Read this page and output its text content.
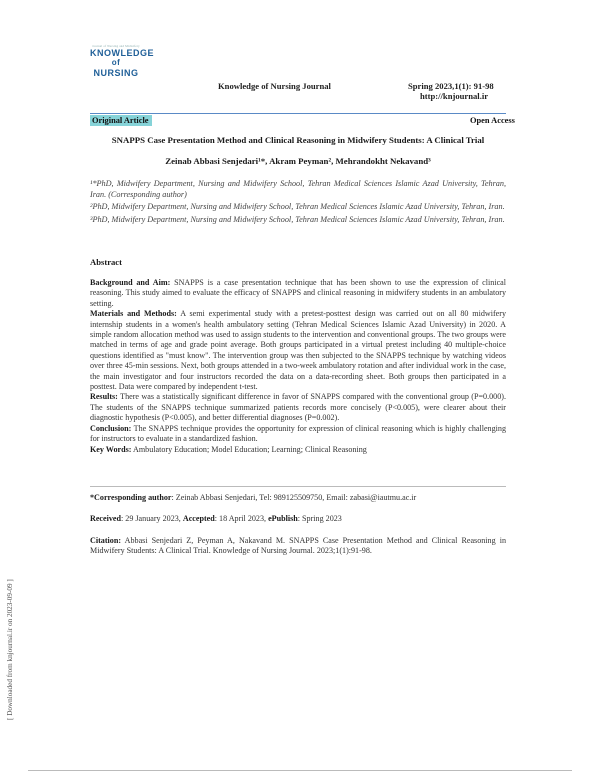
Journal of Nursing and Midwifery
KNOWLEDGE
of
NURSING
Knowledge of Nursing Journal	Spring 2023,1(1): 91-98
http://knjournal.ir
Original Article	Open Access
SNAPPS Case Presentation Method and Clinical Reasoning in Midwifery Students: A Clinical Trial
Zeinab Abbasi Senjedari¹*, Akram Peyman², Mehrandokht Nekavand³

¹*PhD, Midwifery Department, Nursing and Midwifery School, Tehran Medical Sciences Islamic Azad University, Tehran, Iran. (Corresponding author)

²PhD, Midwifery Department, Nursing and Midwifery School, Tehran Medical Sciences Islamic Azad University, Tehran, Iran.

³PhD, Midwifery Department, Nursing and Midwifery School, Tehran Medical Sciences Islamic Azad University, Tehran, Iran.

Abstract

Background and Aim: SNAPPS is a case presentation technique that has been shown to use the expression of clinical reasoning. This study aimed to evaluate the efficacy of SNAPPS and clinical reasoning in midwifery students in an ambulatory setting.

Materials and Methods: A semi experimental study with a pretest-posttest design was carried out on all 80 midwifery internship students in a women's health ambulatory setting (Tehran Medical Sciences Islamic Azad University) in 2020. A simple random allocation method was used to assign students to the intervention and conventional groups. The two groups were matched in terms of age and grade point average. Both groups participated in a virtual pretest including 40 multiple-choice questions identified as "must know". The intervention group was then subjected to the SNAPPS technique by watching videos over three 45-min sessions. Next, both groups attended in a two-week ambulatory rotation and after individual work in the case, the main investigator and four instructors recorded the data on a data-recording sheet. Both groups then participated in a posttest. Data were compared by independent t-test.

Results: There was a statistically significant difference in favor of SNAPPS compared with the conventional group (P=0.000). The students of the SNAPPS technique summarized patients records more concisely (P<0.005), were clearer about their diagnostic hypothesis (P<0.005), and better differential diagnoses (P=0.002).

Conclusion: The SNAPPS technique provides the opportunity for expression of clinical reasoning which is highly challenging for instructors to evaluate in a standardized fashion.

Key Words: Ambulatory Education; Model Education; Learning; Clinical Reasoning

*Corresponding author: Zeinab Abbasi Senjedari, Tel: 989125509750, Email: zabasi@iautmu.ac.ir
Received: 29 January 2023, Accepted: 18 April 2023, ePublish: Spring 2023
Citation: Abbasi Senjedari Z, Peyman A, Nakavand M. SNAPPS Case Presentation Method and Clinical Reasoning in Midwifery Students: A Clinical Trial. Knowledge of Nursing Journal. 2023;1(1):91-98.
[ Downloaded from knjournal.ir on 2023-09-09 ]
